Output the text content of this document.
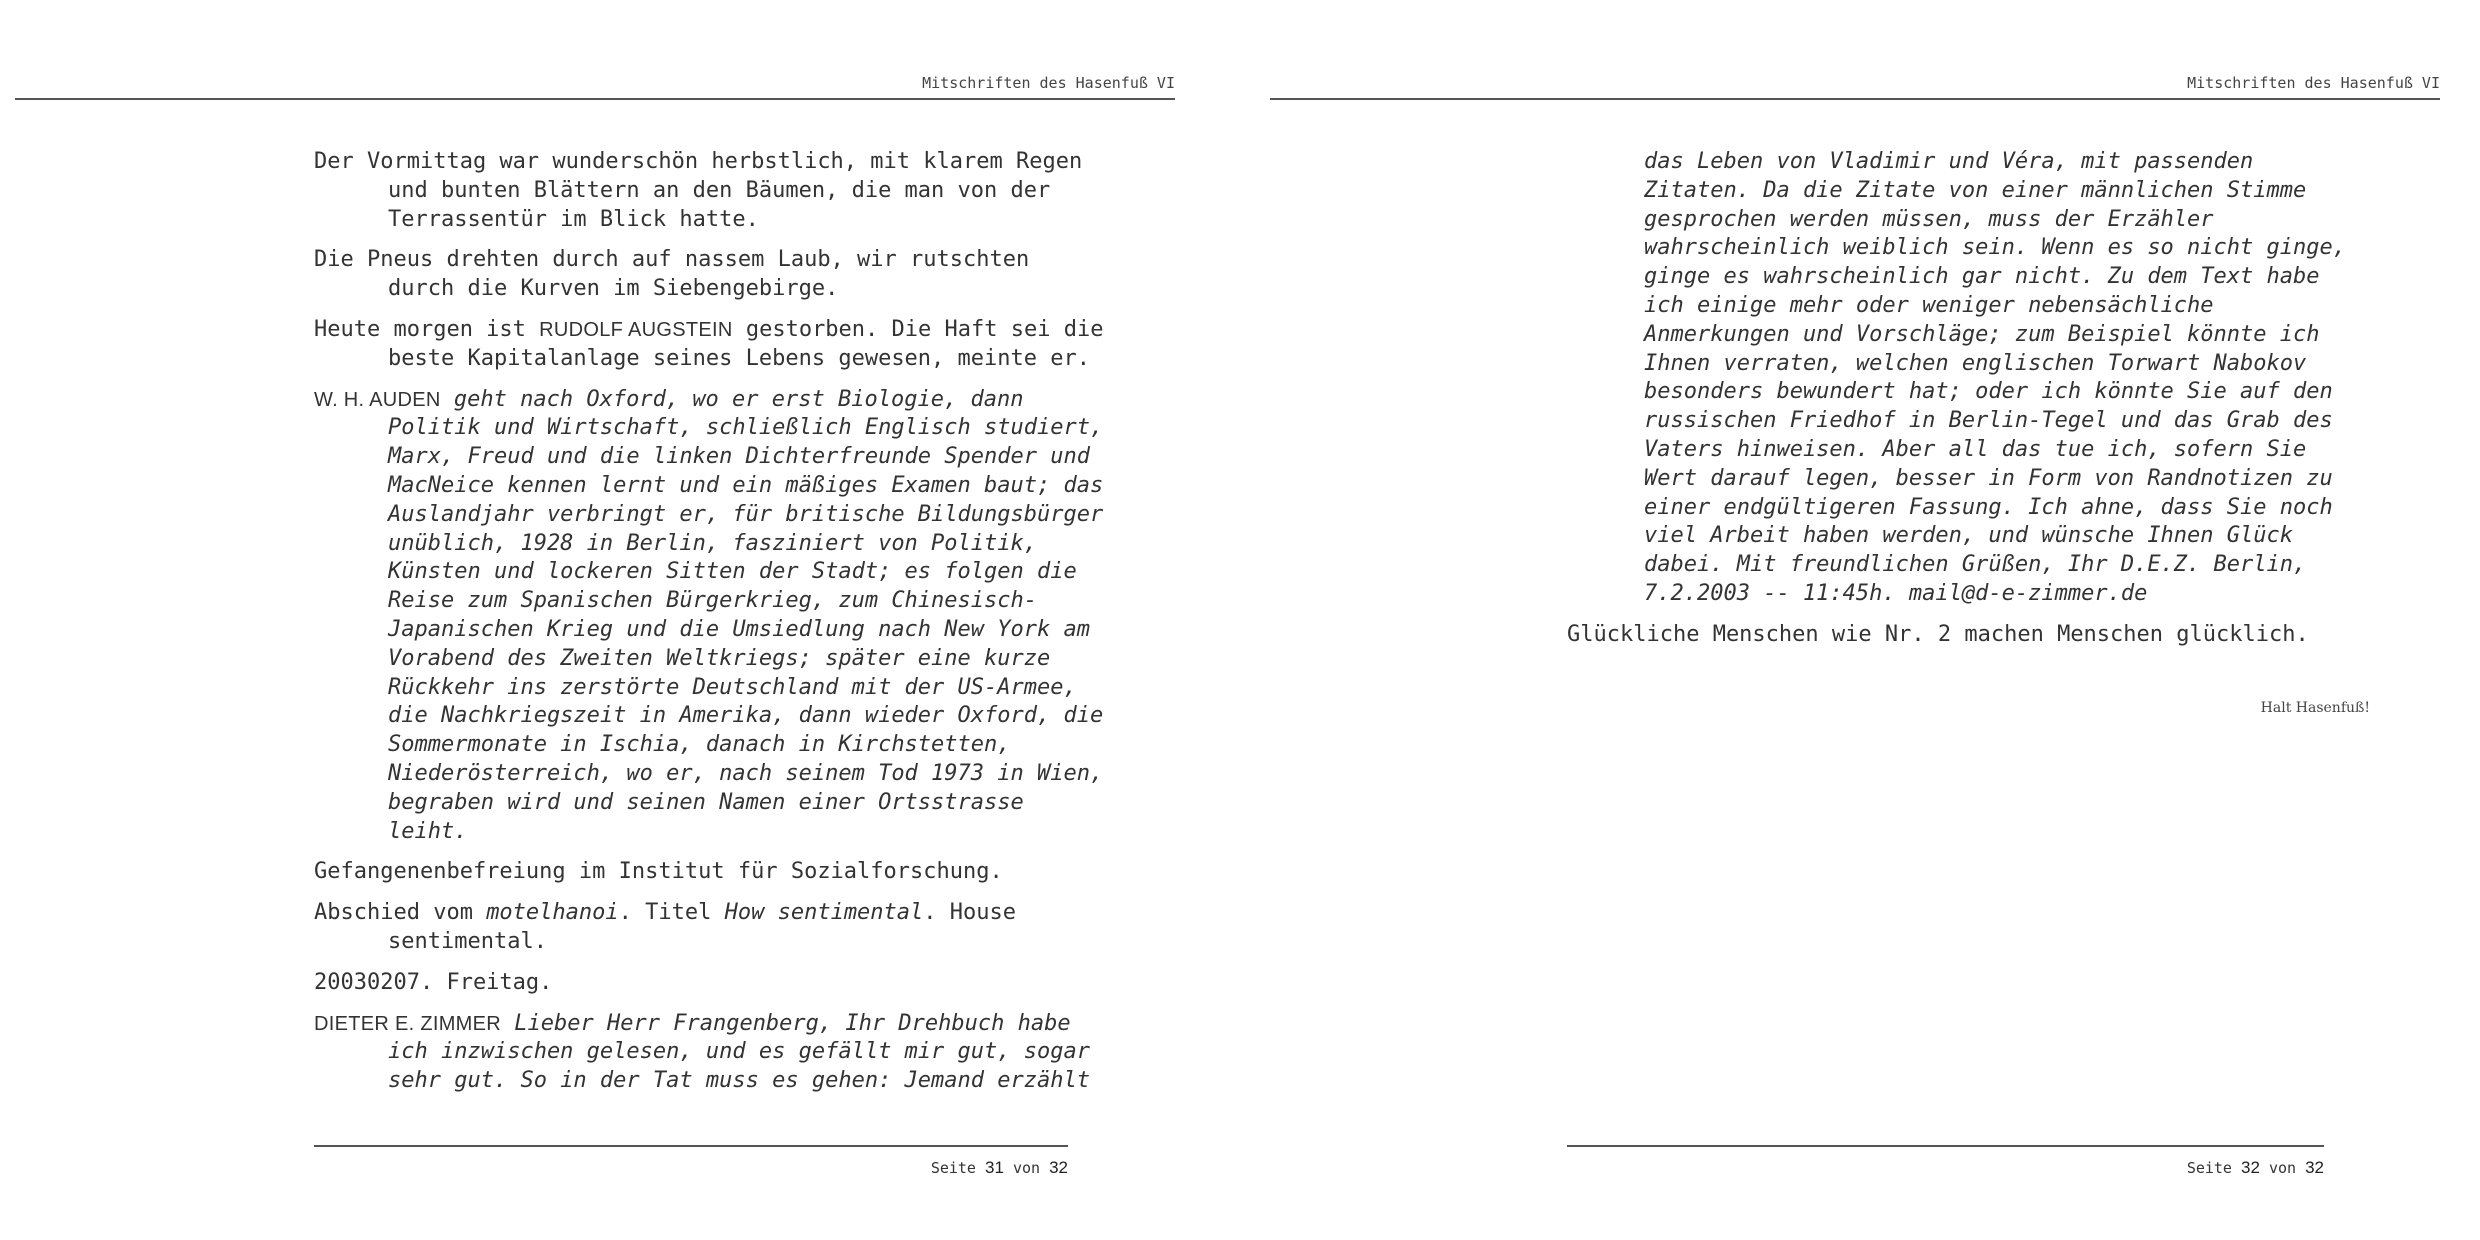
Mitschriften des Hasenfuß VI

Der Vormittag war wunderschön herbstlich, mit klarem Regen und bunten Blättern an den Bäumen, die man von der Terrassentür im Blick hatte.

Die Pneus drehten durch auf nassem Laub, wir rutschten durch die Kurven im Siebengebirge.

Heute morgen ist RUDOLF AUGSTEIN gestorben. Die Haft sei die beste Kapitalanlage seines Lebens gewesen, meinte er.

W. H. AUDEN geht nach Oxford, wo er erst Biologie, dann Politik und Wirtschaft, schließlich Englisch studiert, Marx, Freud und die linken Dichterfreunde Spender und MacNeice kennen lernt und ein mäßiges Examen baut; das Auslandjahr verbringt er, für britische Bildungsbürger unüblich, 1928 in Berlin, fasziniert von Politik, Künsten und lockeren Sitten der Stadt; es folgen die Reise zum Spanischen Bürgerkrieg, zum Chinesisch-Japanischen Krieg und die Umsiedlung nach New York am Vorabend des Zweiten Weltkriegs; später eine kurze Rückkehr ins zerstörte Deutschland mit der US-Armee, die Nachkriegszeit in Amerika, dann wieder Oxford, die Sommermonate in Ischia, danach in Kirchstetten, Niederösterreich, wo er, nach seinem Tod 1973 in Wien, begraben wird und seinen Namen einer Ortsstrasse leiht.

Gefangenenbefreiung im Institut für Sozialforschung.

Abschied vom motelhanoi. Titel How sentimental. House sentimental.

20030207. Freitag.

DIETER E. ZIMMER Lieber Herr Frangenberg, Ihr Drehbuch habe ich inzwischen gelesen, und es gefällt mir gut, sogar sehr gut. So in der Tat muss es gehen: Jemand erzählt

Seite 31 von 32
Mitschriften des Hasenfuß VI

das Leben von Vladimir und Véra, mit passenden Zitaten. Da die Zitate von einer männlichen Stimme gesprochen werden müssen, muss der Erzähler wahrscheinlich weiblich sein. Wenn es so nicht ginge, ginge es wahrscheinlich gar nicht. Zu dem Text habe ich einige mehr oder weniger nebensächliche Anmerkungen und Vorschläge; zum Beispiel könnte ich Ihnen verraten, welchen englischen Torwart Nabokov besonders bewundert hat; oder ich könnte Sie auf den russischen Friedhof in Berlin-Tegel und das Grab des Vaters hinweisen. Aber all das tue ich, sofern Sie Wert darauf legen, besser in Form von Randnotizen zu einer endgültigeren Fassung. Ich ahne, dass Sie noch viel Arbeit haben werden, und wünsche Ihnen Glück dabei. Mit freundlichen Grüßen, Ihr D.E.Z. Berlin, 7.2.2003 -- 11:45h. mail@d-e-zimmer.de

Glückliche Menschen wie Nr. 2 machen Menschen glücklich.

Halt Hasenfuß!
Seite 32 von 32
